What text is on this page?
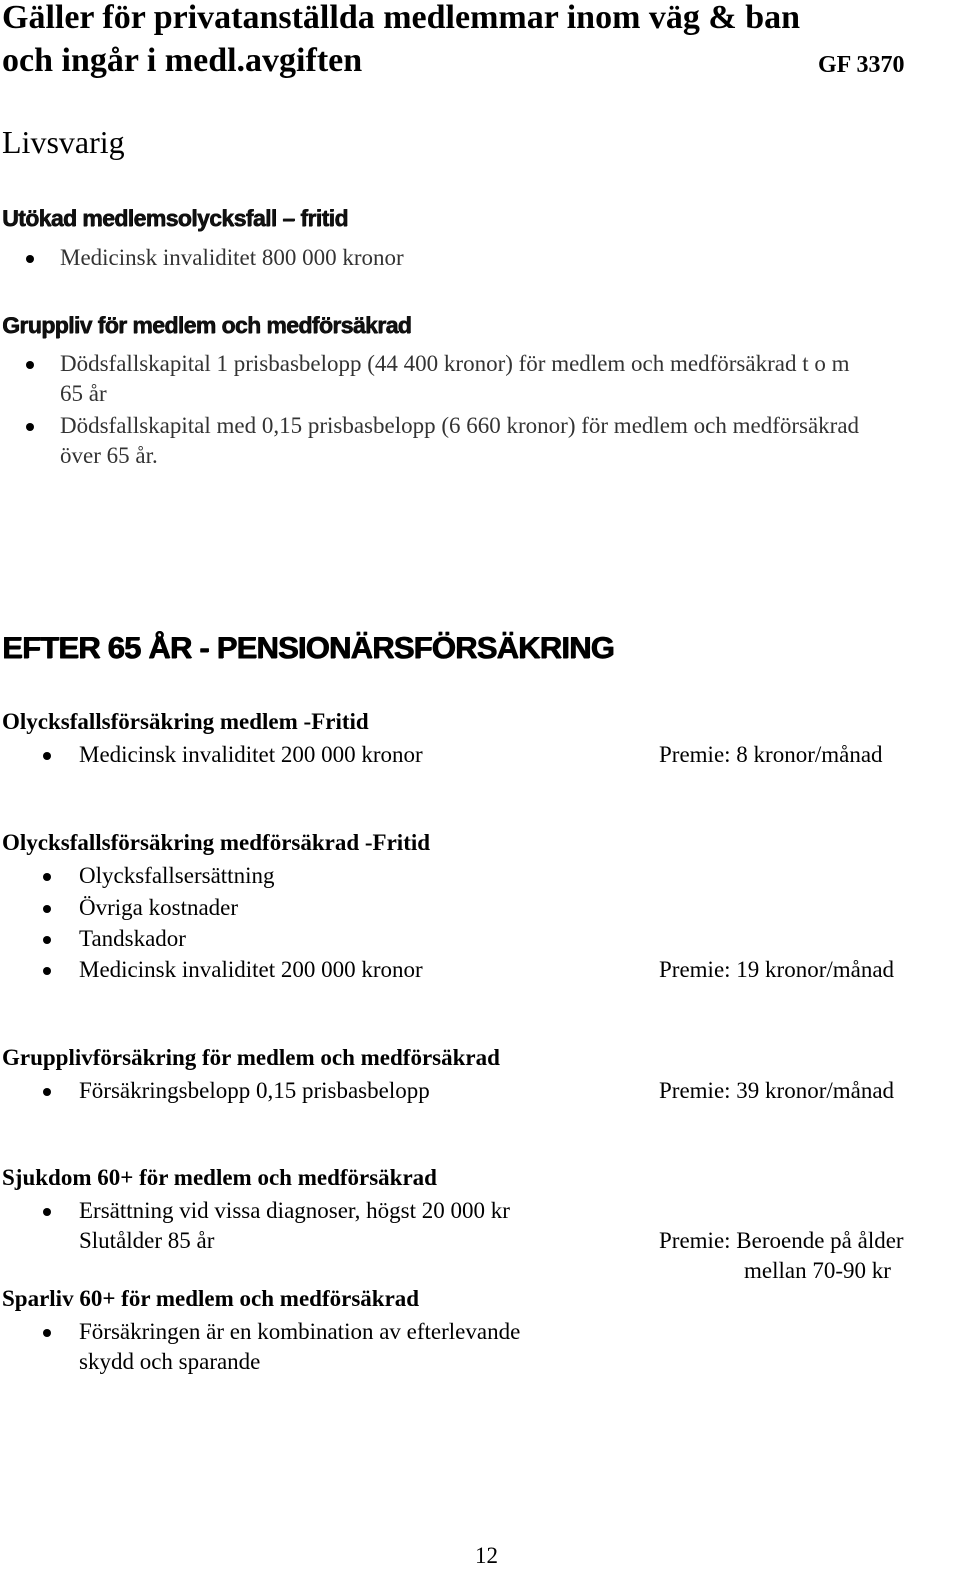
Gäller för privatanställda medlemmar inom väg & ban
och ingår i medl.avgiften	GF 3370
Livsvarig
Utökad medlemsolycksfall – fritid
Medicinsk invaliditet 800 000 kronor
Gruppliv för medlem och medförsäkrad
Dödsfallskapital 1 prisbasbelopp (44 400 kronor) för medlem och medförsäkrad t o m
65 år
Dödsfallskapital med 0,15 prisbasbelopp (6 660 kronor) för medlem och medförsäkrad
över 65 år.
EFTER 65 ÅR - PENSIONÄRSFÖRSÄKRING
Olycksfallsförsäkring medlem -Fritid
Medicinsk invaliditet 200 000 kronor	Premie: 8 kronor/månad
Olycksfallsförsäkring medförsäkrad -Fritid
Olycksfallsersättning
Övriga kostnader
Tandskador
Medicinsk invaliditet 200 000 kronor	Premie: 19 kronor/månad
Grupplivförsäkring för medlem och medförsäkrad
Försäkringsbelopp 0,15 prisbasbelopp	Premie: 39 kronor/månad
Sjukdom 60+ för medlem och medförsäkrad
Ersättning vid vissa diagnoser, högst 20 000 kr
Slutålder 85 år	Premie: Beroende på ålder
mellan 70-90 kr
Sparliv 60+ för medlem och medförsäkrad
Försäkringen är en kombination av efterlevande
skydd och sparande
12
